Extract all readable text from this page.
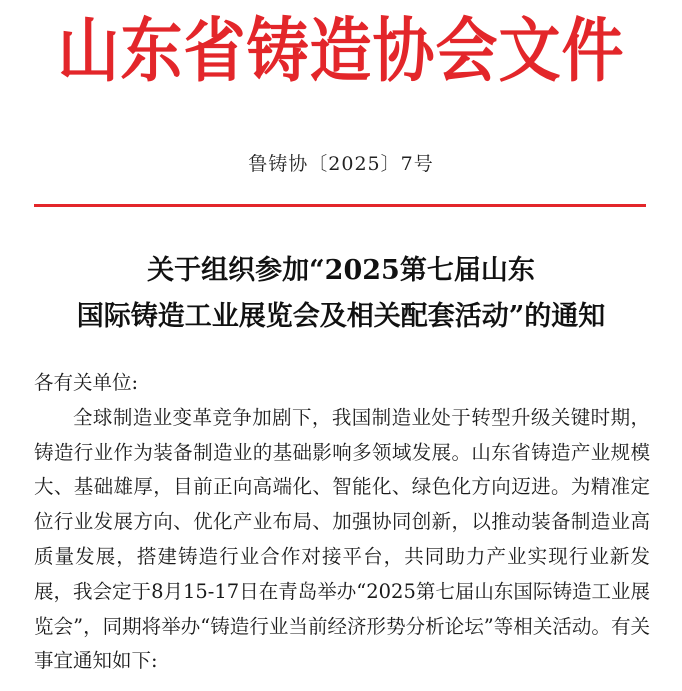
山东省铸造协会文件
鲁铸协〔2025〕7号
关于组织参加“2025第七届山东
国际铸造工业展览会及相关配套活动”的通知
各有关单位:

全球制造业变革竞争加剧下，我国制造业处于转型升级关键时期，铸造行业作为装备制造业的基础影响多领域发展。山东省铸造产业规模大、基础雄厚，目前正向高端化、智能化、绿色化方向迈进。为精准定位行业发展方向、优化产业布局、加强协同创新，以推动装备制造业高质量发展，搭建铸造行业合作对接平台，共同助力产业实现行业新发展，我会定于8月15-17日在青岛举办“2025第七届山东国际铸造工业展览会”，同期将举办“铸造行业当前经济形势分析论坛”等相关活动。有关事宜通知如下:
